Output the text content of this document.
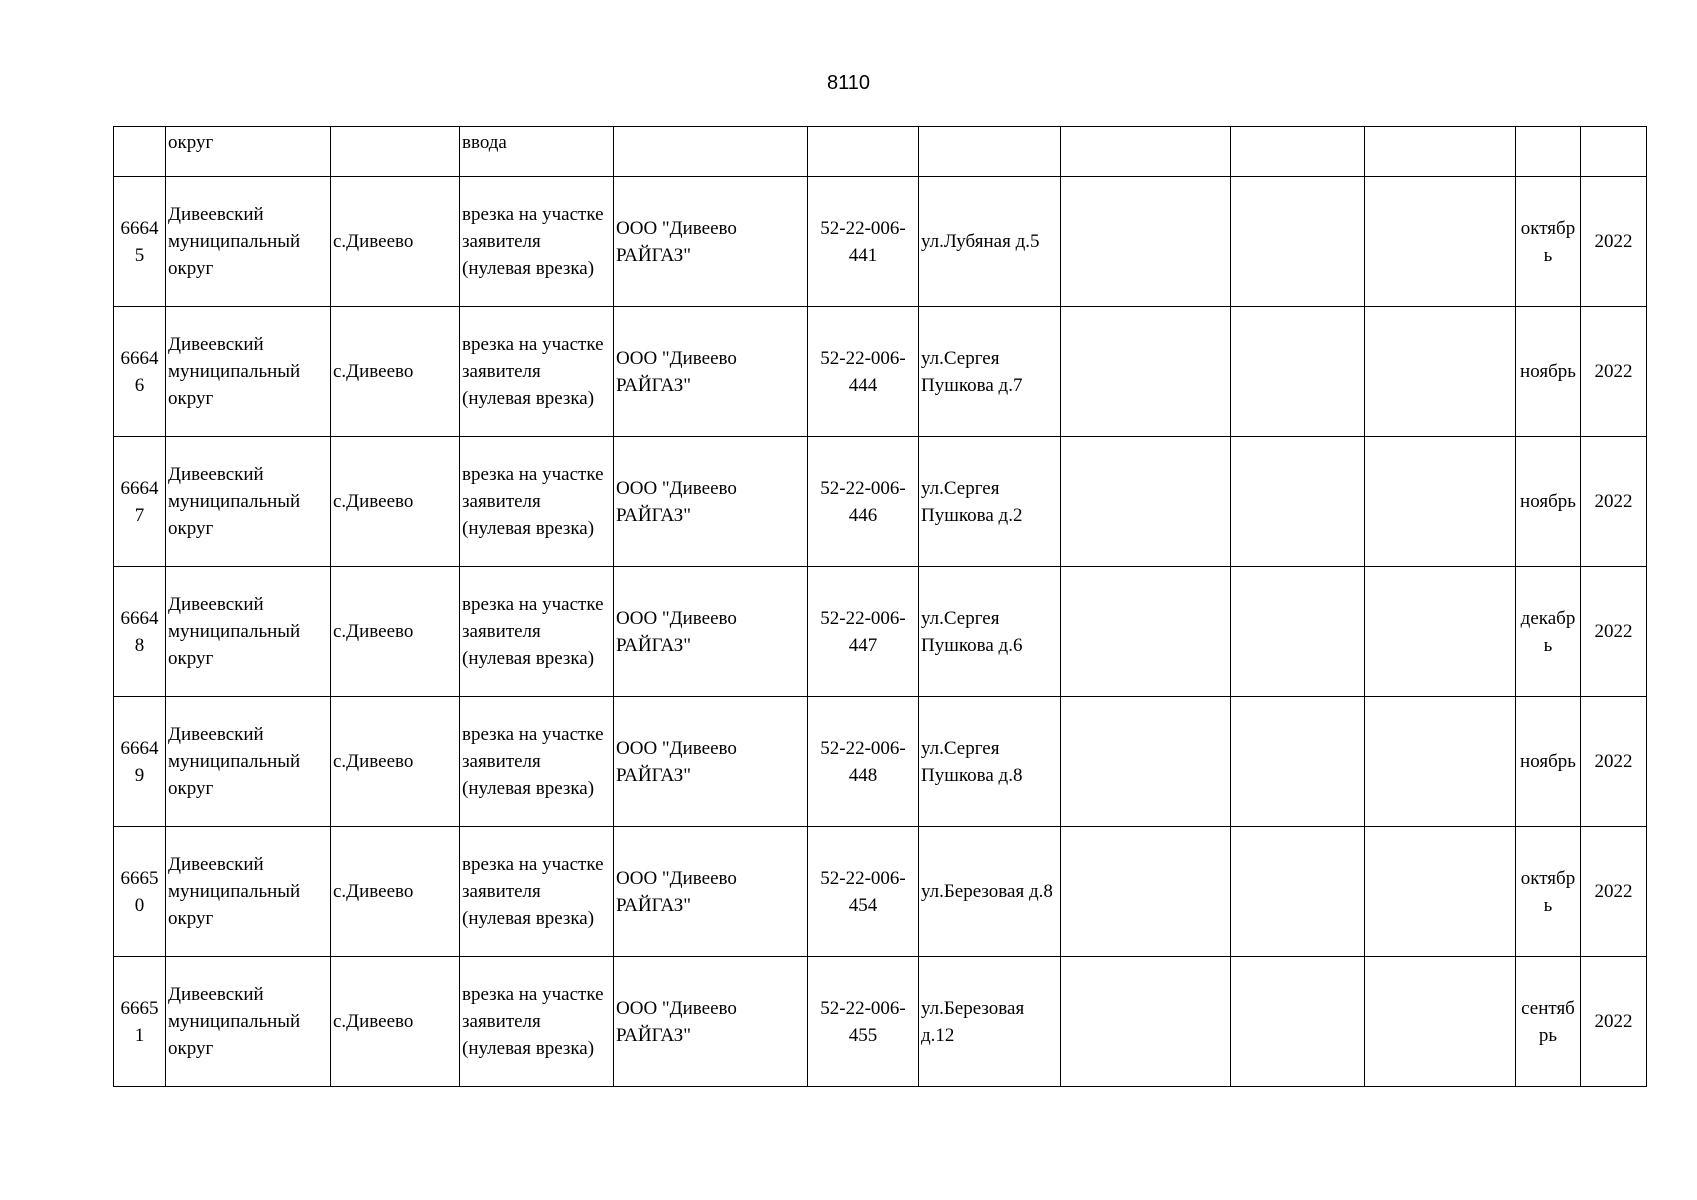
8110
	округ		ввода								
66645	Дивеевский муниципальный округ	с.Дивеево	врезка на участке заявителя (нулевая врезка)	ООО "Дивеево РАЙГАЗ"	52-22-006-441	ул.Лубяная д.5				октябрь	2022
66646	Дивеевский муниципальный округ	с.Дивеево	врезка на участке заявителя (нулевая врезка)	ООО "Дивеево РАЙГАЗ"	52-22-006-444	ул.Сергея Пушкова д.7				ноябрь	2022
66647	Дивеевский муниципальный округ	с.Дивеево	врезка на участке заявителя (нулевая врезка)	ООО "Дивеево РАЙГАЗ"	52-22-006-446	ул.Сергея Пушкова д.2				ноябрь	2022
66648	Дивеевский муниципальный округ	с.Дивеево	врезка на участке заявителя (нулевая врезка)	ООО "Дивеево РАЙГАЗ"	52-22-006-447	ул.Сергея Пушкова д.6				декабрь	2022
66649	Дивеевский муниципальный округ	с.Дивеево	врезка на участке заявителя (нулевая врезка)	ООО "Дивеево РАЙГАЗ"	52-22-006-448	ул.Сергея Пушкова д.8				ноябрь	2022
66650	Дивеевский муниципальный округ	с.Дивеево	врезка на участке заявителя (нулевая врезка)	ООО "Дивеево РАЙГАЗ"	52-22-006-454	ул.Березовая д.8				октябрь	2022
66651	Дивеевский муниципальный округ	с.Дивеево	врезка на участке заявителя (нулевая врезка)	ООО "Дивеево РАЙГАЗ"	52-22-006-455	ул.Березовая д.12				сентябрь	2022
